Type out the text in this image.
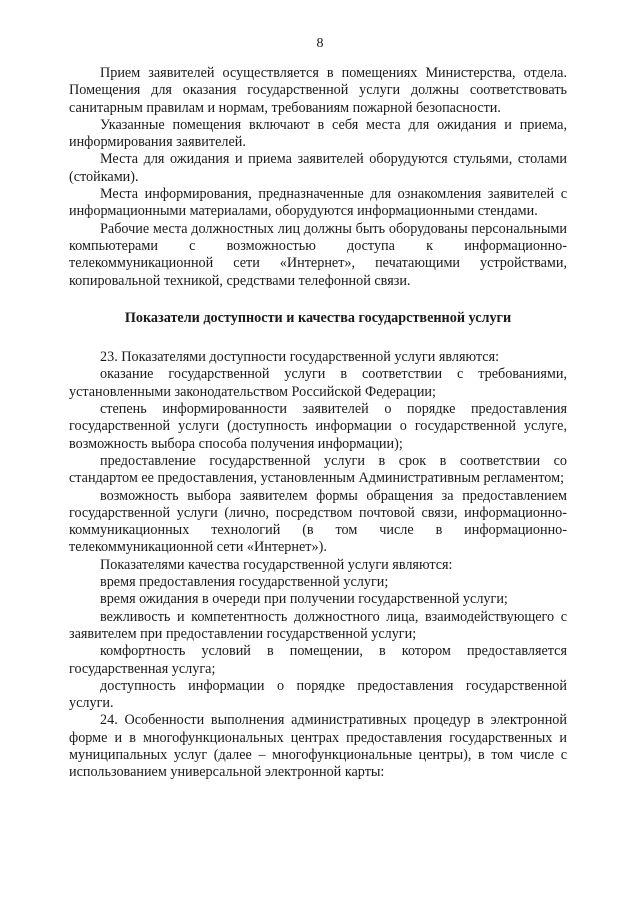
8

Прием заявителей осуществляется в помещениях Министерства, отдела. Помещения для оказания государственной услуги должны соответствовать санитарным правилам и нормам, требованиям пожарной безопасности.

Указанные помещения включают в себя места для ожидания и приема, информирования заявителей.

Места для ожидания и приема заявителей оборудуются стульями, столами (стойками).

Места информирования, предназначенные для ознакомления заявителей с информационными материалами, оборудуются информационными стендами.

Рабочие места должностных лиц должны быть оборудованы персональными компьютерами с возможностью доступа к информационно-телекоммуникационной сети «Интернет», печатающими устройствами, копировальной техникой, средствами телефонной связи.

Показатели доступности и качества государственной услуги

23. Показателями доступности государственной услуги являются:

оказание государственной услуги в соответствии с требованиями, установленными законодательством Российской Федерации;

степень информированности заявителей о порядке предоставления государственной услуги (доступность информации о государственной услуге, возможность выбора способа получения информации);

предоставление государственной услуги в срок в соответствии со стандартом ее предоставления, установленным Административным регламентом;

возможность выбора заявителем формы обращения за предоставлением государственной услуги (лично, посредством почтовой связи, информационно-коммуникационных технологий (в том числе в информационно-телекоммуникационной сети «Интернет»).

Показателями качества государственной услуги являются:

время предоставления государственной услуги;

время ожидания в очереди при получении государственной услуги;

вежливость и компетентность должностного лица, взаимодействующего с заявителем при предоставлении государственной услуги;

комфортность условий в помещении, в котором предоставляется государственная услуга;

доступность информации о порядке предоставления государственной услуги.

24. Особенности выполнения административных процедур в электронной форме и в многофункциональных центрах предоставления государственных и муниципальных услуг (далее – многофункциональные центры), в том числе с использованием универсальной электронной карты:
